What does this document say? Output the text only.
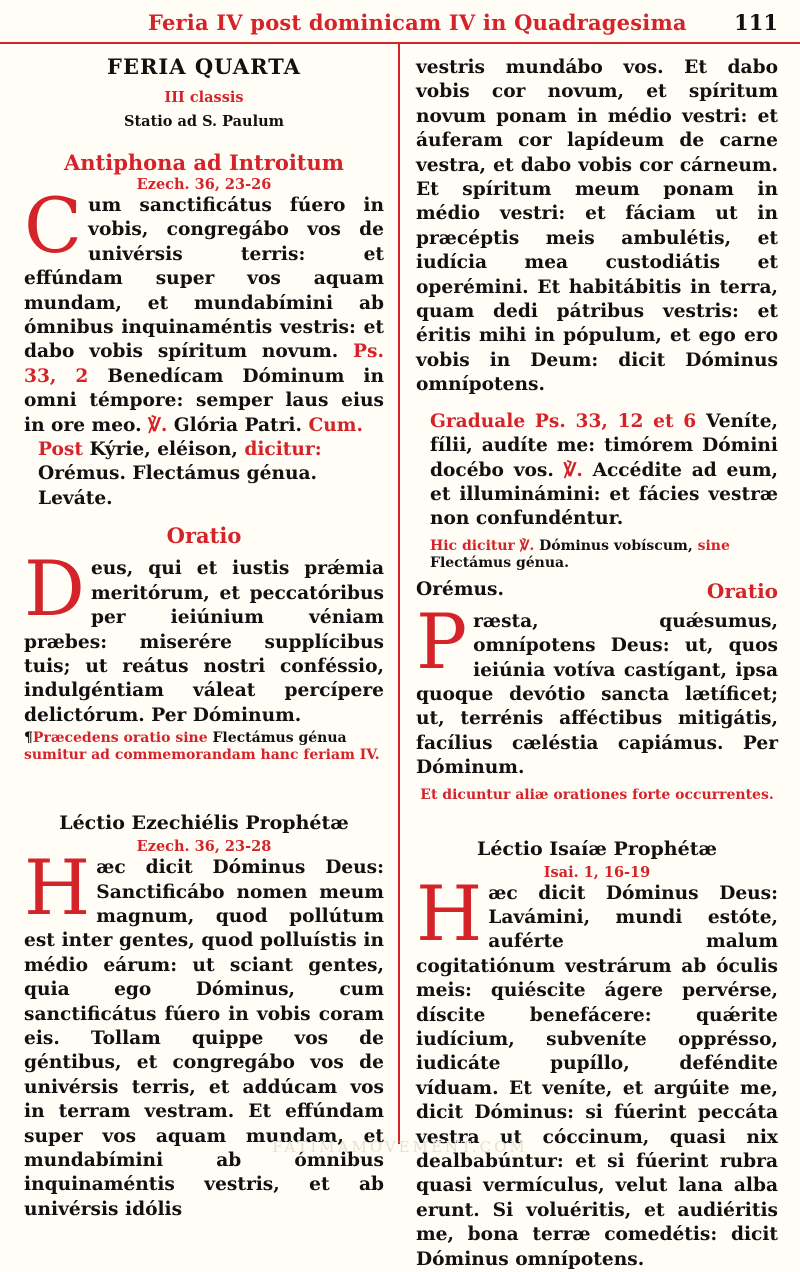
Feria IV post dominicam IV in Quadragesima 111

FERIA QUARTA

III classis

Statio ad S. Paulum

Antiphona ad Introitum

Ezech. 36, 23-26

Cum sanctificátus fúero in vobis, congregábo vos de univérsis terris: et effúndam super vos aquam mundam, et mundabímini ab ómnibus inquinaméntis vestris: et dabo vobis spíritum novum. Ps. 33, 2 Benedícam Dóminum in omni témpore: semper laus eius in ore meo. ℣. Glória Patri. Cum.

Post Kýrie, eléison, dicitur:
Orémus. Flectámus génua.
Leváte.

Oratio

Deus, qui et iustis prǽmia meritórum, et peccatóribus per ieiúnium véniam præbes: miserére supplícibus tuis; ut reátus nostri conféssio, indulgéntiam váleat percípere delictórum. Per Dóminum.

¶Præcedens oratio sine Flectámus génua
sumitur ad commemorandam hanc feriam IV.

Léctio Ezechiélis Prophétæ

Ezech. 36, 23-28

Hæc dicit Dóminus Deus: Sanctificábo nomen meum magnum, quod pollútum est inter gentes, quod polluístis in médio eárum: ut sciant gentes, quia ego Dóminus, cum sanctificátus fúero in vobis coram eis. Tollam quippe vos de géntibus, et congregábo vos de univérsis terris, et addúcam vos in terram vestram. Et effúndam super vos aquam mundam, et mundabímini ab ómnibus inquinaméntis vestris, et ab univérsis idólis

vestris mundábo vos. Et dabo vobis cor novum, et spíritum novum ponam in médio vestri: et áuferam cor lapídeum de carne vestra, et dabo vobis cor cárneum. Et spíritum meum ponam in médio vestri: et fáciam ut in præcéptis meis ambulétis, et iudícia mea custodiátis et operémini. Et habitábitis in terra, quam dedi pátribus vestris: et éritis mihi in pópulum, et ego ero vobis in Deum: dicit Dóminus omnípotens.

Graduale Ps. 33, 12 et 6 Veníte, fílii, audíte me: timórem Dómini docébo vos. ℣. Accédite ad eum, et illuminámini: et fácies vestræ non confundéntur.

Hic dicitur ℣. Dóminus vobíscum, sine
Flectámus génua.
Orémus.	Oratio

Præsta, quǽsumus, omnípotens Deus: ut, quos ieiúnia votíva castígant, ipsa quoque devótio sancta lætíficet; ut, terrénis afféctibus mitigátis, facílius cæléstia capiámus. Per Dóminum.

Et dicuntur aliæ orationes forte occurrentes.

Léctio Isaíæ Prophétæ

Isai. 1, 16-19

Hæc dicit Dóminus Deus: Lavámini, mundi estóte, auférte malum cogitatiónum vestrárum ab óculis meis: quiéscite ágere pervérse, díscite benefácere: quǽrite iudícium, subveníte opprésso, iudicáte pupíllo, deféndite víduam. Et veníte, et argúite me, dicit Dóminus: si fúerint peccáta vestra ut cóccinum, quasi nix dealbabúntur: et si fúerint rubra quasi vermículus, velut lana alba erunt. Si voluéritis, et audiéritis me, bona terræ comedétis: dicit Dóminus omnípotens.

FATIMAMOVEMENT.COM
